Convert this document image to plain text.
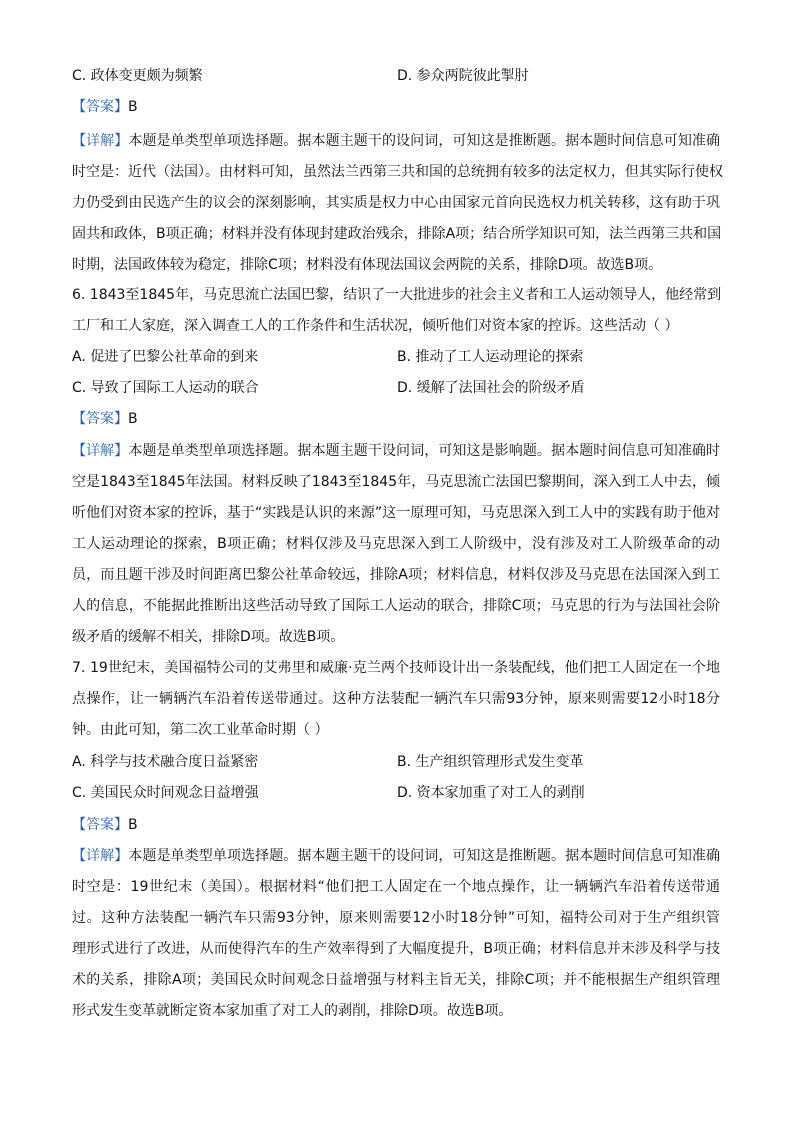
C. 政体变更颇为频繁	D. 参众两院彼此掣肘
【答案】B
【详解】本题是单类型单项选择题。据本题主题干的设问词，可知这是推断题。据本题时间信息可知准确
时空是：近代（法国）。由材料可知，虽然法兰西第三共和国的总统拥有较多的法定权力，但其实际行使权
力仍受到由民选产生的议会的深刻影响，其实质是权力中心由国家元首向民选权力机关转移，这有助于巩
固共和政体，B项正确；材料并没有体现封建政治残余，排除A项；结合所学知识可知，法兰西第三共和国
时期，法国政体较为稳定，排除C项；材料没有体现法国议会两院的关系，排除D项。故选B项。
6. 1843至1845年，马克思流亡法国巴黎，结识了一大批进步的社会主义者和工人运动领导人，他经常到
工厂和工人家庭，深入调查工人的工作条件和生活状况，倾听他们对资本家的控诉。这些活动（ ）
A. 促进了巴黎公社革命的到来	B. 推动了工人运动理论的探索
C. 导致了国际工人运动的联合	D. 缓解了法国社会的阶级矛盾
【答案】B
【详解】本题是单类型单项选择题。据本题主题干设问词，可知这是影响题。据本题时间信息可知准确时
空是1843至1845年法国。材料反映了1843至1845年，马克思流亡法国巴黎期间，深入到工人中去，倾
听他们对资本家的控诉，基于“实践是认识的来源”这一原理可知，马克思深入到工人中的实践有助于他对
工人运动理论的探索，B项正确；材料仅涉及马克思深入到工人阶级中，没有涉及对工人阶级革命的动
员，而且题干涉及时间距离巴黎公社革命较远，排除A项；材料信息，材料仅涉及马克思在法国深入到工
人的信息，不能据此推断出这些活动导致了国际工人运动的联合，排除C项；马克思的行为与法国社会阶
级矛盾的缓解不相关，排除D项。故选B项。
7. 19世纪末，美国福特公司的艾弗里和威廉·克兰两个技师设计出一条装配线，他们把工人固定在一个地
点操作，让一辆辆汽车沿着传送带通过。这种方法装配一辆汽车只需93分钟，原来则需要12小时18分
钟。由此可知，第二次工业革命时期（ ）
A. 科学与技术融合度日益紧密	B. 生产组织管理形式发生变革
C. 美国民众时间观念日益增强	D. 资本家加重了对工人的剥削
【答案】B
【详解】本题是单类型单项选择题。据本题主题干的设问词，可知这是推断题。据本题时间信息可知准确
时空是：19世纪末（美国）。根据材料“他们把工人固定在一个地点操作，让一辆辆汽车沿着传送带通
过。这种方法装配一辆汽车只需93分钟，原来则需要12小时18分钟”可知，福特公司对于生产组织管
理形式进行了改进，从而使得汽车的生产效率得到了大幅度提升，B项正确；材料信息并未涉及科学与技
术的关系，排除A项；美国民众时间观念日益增强与材料主旨无关，排除C项；并不能根据生产组织管理
形式发生变革就断定资本家加重了对工人的剥削，排除D项。故选B项。
